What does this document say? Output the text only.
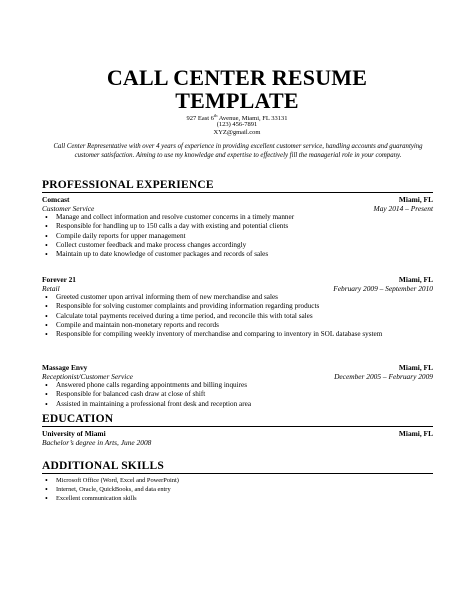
CALL CENTER RESUME
TEMPLATE
927 East 6th Avenue, Miami, FL 33131
(123) 456-7891
XYZ@gmail.com
Call Center Representative with over 4 years of experience in providing excellent customer service, handling accounts and guarantying customer satisfaction. Aiming to use my knowledge and expertise to effectively fill the managerial role in your company.
PROFESSIONAL EXPERIENCE
Comcast	Miami, FL
Customer Service	May 2014 – Present
• Manage and collect information and resolve customer concerns in a timely manner
• Responsible for handling up to 150 calls a day with existing and potential clients
• Compile daily reports for upper management
• Collect customer feedback and make process changes accordingly
• Maintain up to date knowledge of customer packages and records of sales
Forever 21	Miami, FL
Retail	February 2009 – September 2010
• Greeted customer upon arrival informing them of new merchandise and sales
• Responsible for solving customer complaints and providing information regarding products
• Calculate total payments received during a time period, and reconcile this with total sales
• Compile and maintain non-monetary reports and records
• Responsible for compiling weekly inventory of merchandise and comparing to inventory in SOL database system
Massage Envy	Miami, FL
Receptionist/Customer Service	December 2005 – February 2009
• Answered phone calls regarding appointments and billing inquires
• Responsible for balanced cash draw at close of shift
• Assisted in maintaining a professional front desk and reception area
EDUCATION
University of Miami	Miami, FL
Bachelor’s degree in Arts, June 2008
ADDITIONAL SKILLS
• Microsoft Office (Word, Excel and PowerPoint)
• Internet, Oracle, QuickBooks, and data entry
• Excellent communication skills
